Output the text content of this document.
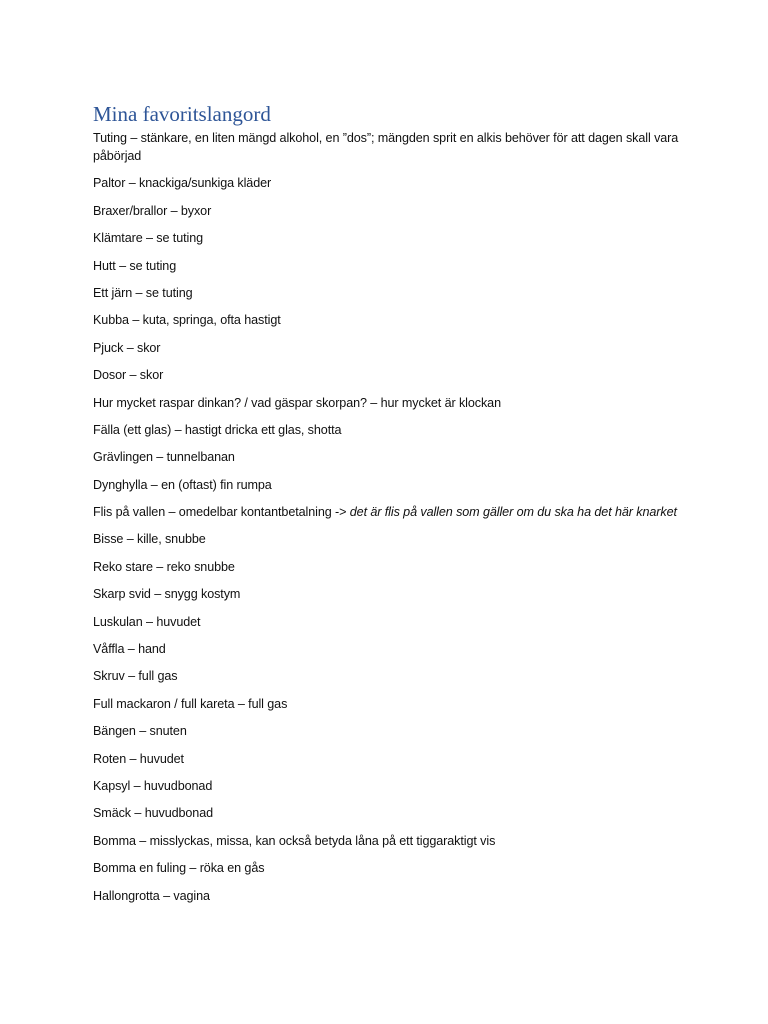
Mina favoritslangord

Tuting – stänkare, en liten mängd alkohol, en ”dos”; mängden sprit en alkis behöver för att dagen skall vara påbörjad

Paltor – knackiga/sunkiga kläder

Braxer/brallor – byxor

Klämtare – se tuting

Hutt – se tuting

Ett järn – se tuting

Kubba – kuta, springa, ofta hastigt

Pjuck – skor

Dosor – skor

Hur mycket raspar dinkan? / vad gäspar skorpan? – hur mycket är klockan

Fälla (ett glas) – hastigt dricka ett glas, shotta

Grävlingen – tunnelbanan

Dynghylla – en (oftast) fin rumpa

Flis på vallen – omedelbar kontantbetalning -> det är flis på vallen som gäller om du ska ha det här knarket

Bisse – kille, snubbe

Reko stare – reko snubbe

Skarp svid – snygg kostym

Luskulan – huvudet

Våffla – hand

Skruv – full gas

Full mackaron / full kareta – full gas

Bängen – snuten

Roten – huvudet

Kapsyl – huvudbonad

Smäck – huvudbonad

Bomma – misslyckas, missa, kan också betyda låna på ett tiggaraktigt vis

Bomma en fuling – röka en gås

Hallongrotta – vagina
